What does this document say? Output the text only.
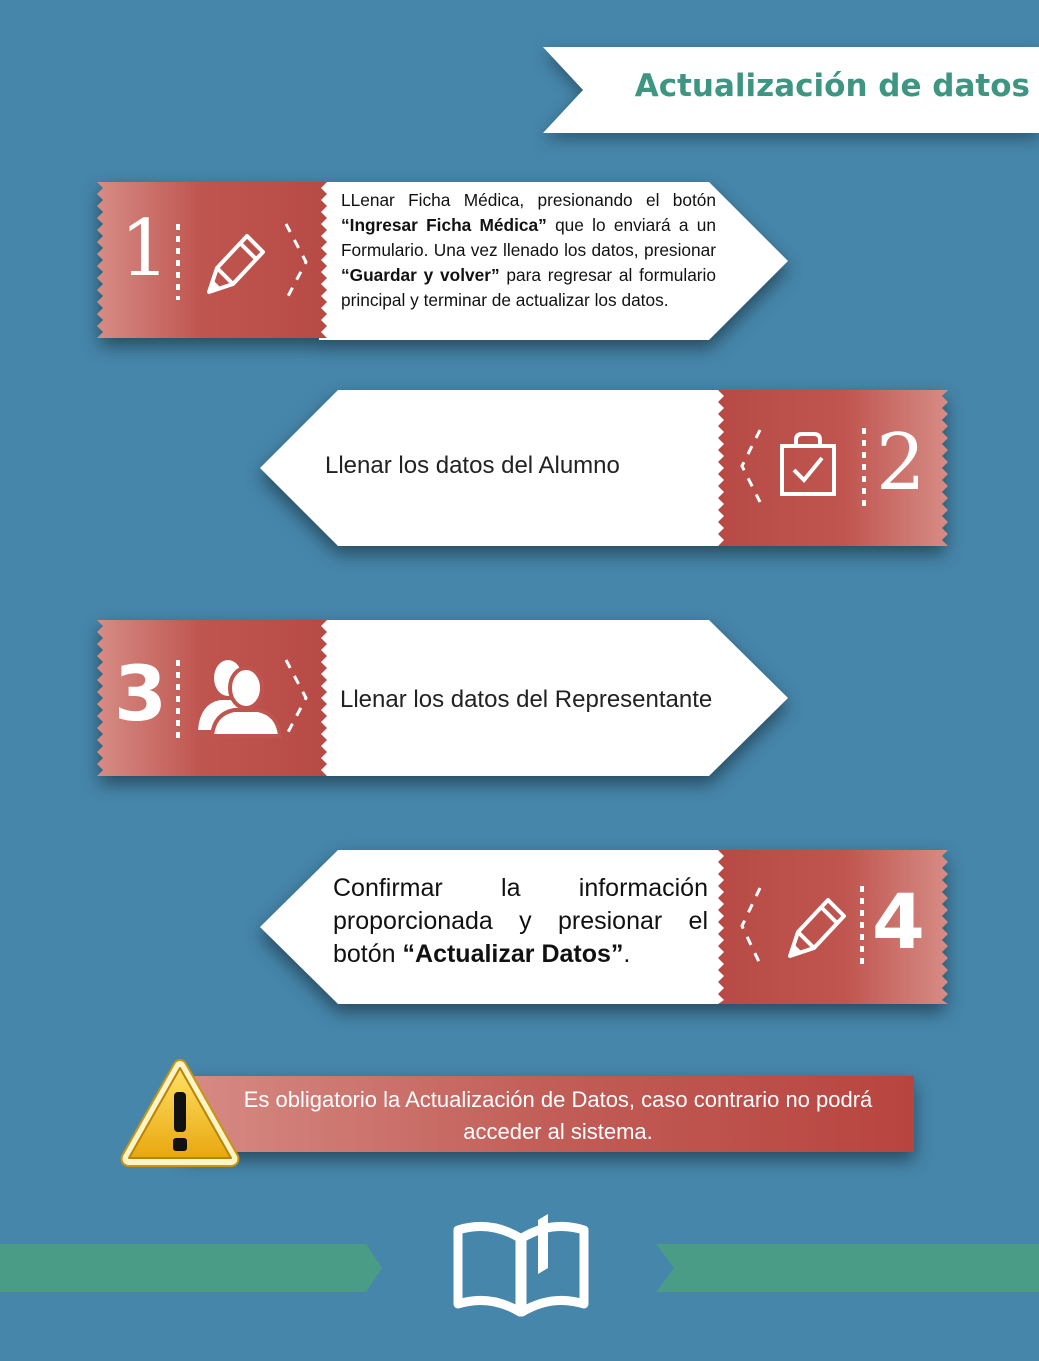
Actualización de datos
1
LLenar Ficha Médica, presionando el botón “Ingresar Ficha Médica” que lo enviará a un Formulario. Una vez llenado los datos, presionar “Guardar y volver” para regresar al formulario principal y terminar de actualizar los datos.
2
Llenar los datos del Alumno
3	Llenar los datos del Representante
4
Confirmar la información proporcionada y presionar el botón “Actualizar Datos”.
Es obligatorio la Actualización de Datos, caso contrario no podrá acceder al sistema.
